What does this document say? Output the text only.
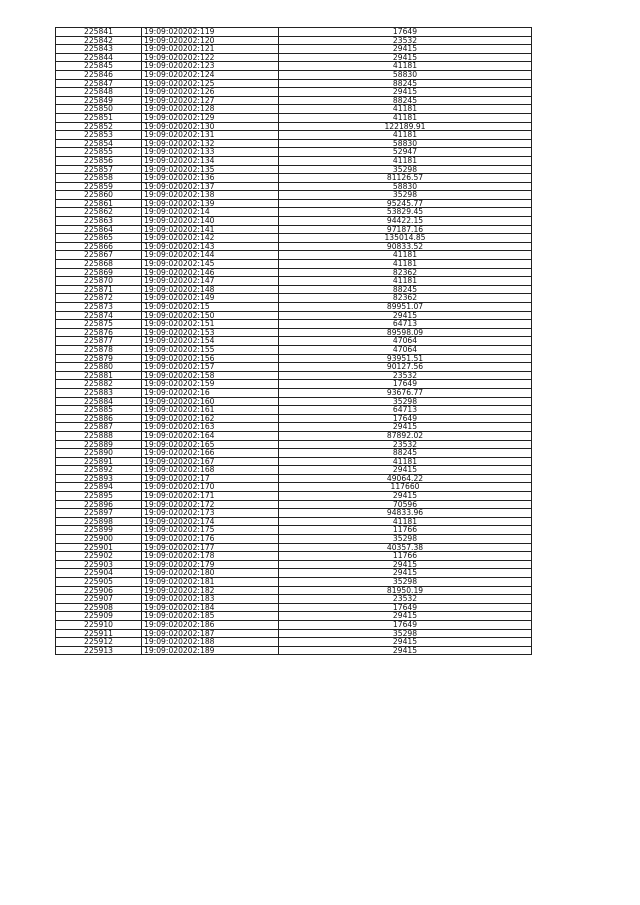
225841	19:09:020202:119	17649
225842	19:09:020202:120	23532
225843	19:09:020202:121	29415
225844	19:09:020202:122	29415
225845	19:09:020202:123	41181
225846	19:09:020202:124	58830
225847	19:09:020202:125	88245
225848	19:09:020202:126	29415
225849	19:09:020202:127	88245
225850	19:09:020202:128	41181
225851	19:09:020202:129	41181
225852	19:09:020202:130	122189.91
225853	19:09:020202:131	41181
225854	19:09:020202:132	58830
225855	19:09:020202:133	52947
225856	19:09:020202:134	41181
225857	19:09:020202:135	35298
225858	19:09:020202:136	81126.57
225859	19:09:020202:137	58830
225860	19:09:020202:138	35298
225861	19:09:020202:139	95245.77
225862	19:09:020202:14	53829.45
225863	19:09:020202:140	94422.15
225864	19:09:020202:141	97187.16
225865	19:09:020202:142	135014.85
225866	19:09:020202:143	90833.52
225867	19:09:020202:144	41181
225868	19:09:020202:145	41181
225869	19:09:020202:146	82362
225870	19:09:020202:147	41181
225871	19:09:020202:148	88245
225872	19:09:020202:149	82362
225873	19:09:020202:15	89951.07
225874	19:09:020202:150	29415
225875	19:09:020202:151	64713
225876	19:09:020202:153	89598.09
225877	19:09:020202:154	47064
225878	19:09:020202:155	47064
225879	19:09:020202:156	93951.51
225880	19:09:020202:157	90127.56
225881	19:09:020202:158	23532
225882	19:09:020202:159	17649
225883	19:09:020202:16	93676.77
225884	19:09:020202:160	35298
225885	19:09:020202:161	64713
225886	19:09:020202:162	17649
225887	19:09:020202:163	29415
225888	19:09:020202:164	87892.02
225889	19:09:020202:165	23532
225890	19:09:020202:166	88245
225891	19:09:020202:167	41181
225892	19:09:020202:168	29415
225893	19:09:020202:17	49064.22
225894	19:09:020202:170	117660
225895	19:09:020202:171	29415
225896	19:09:020202:172	70596
225897	19:09:020202:173	94833.96
225898	19:09:020202:174	41181
225899	19:09:020202:175	11766
225900	19:09:020202:176	35298
225901	19:09:020202:177	40357.38
225902	19:09:020202:178	11766
225903	19:09:020202:179	29415
225904	19:09:020202:180	29415
225905	19:09:020202:181	35298
225906	19:09:020202:182	81950.19
225907	19:09:020202:183	23532
225908	19:09:020202:184	17649
225909	19:09:020202:185	29415
225910	19:09:020202:186	17649
225911	19:09:020202:187	35298
225912	19:09:020202:188	29415
225913	19:09:020202:189	29415
